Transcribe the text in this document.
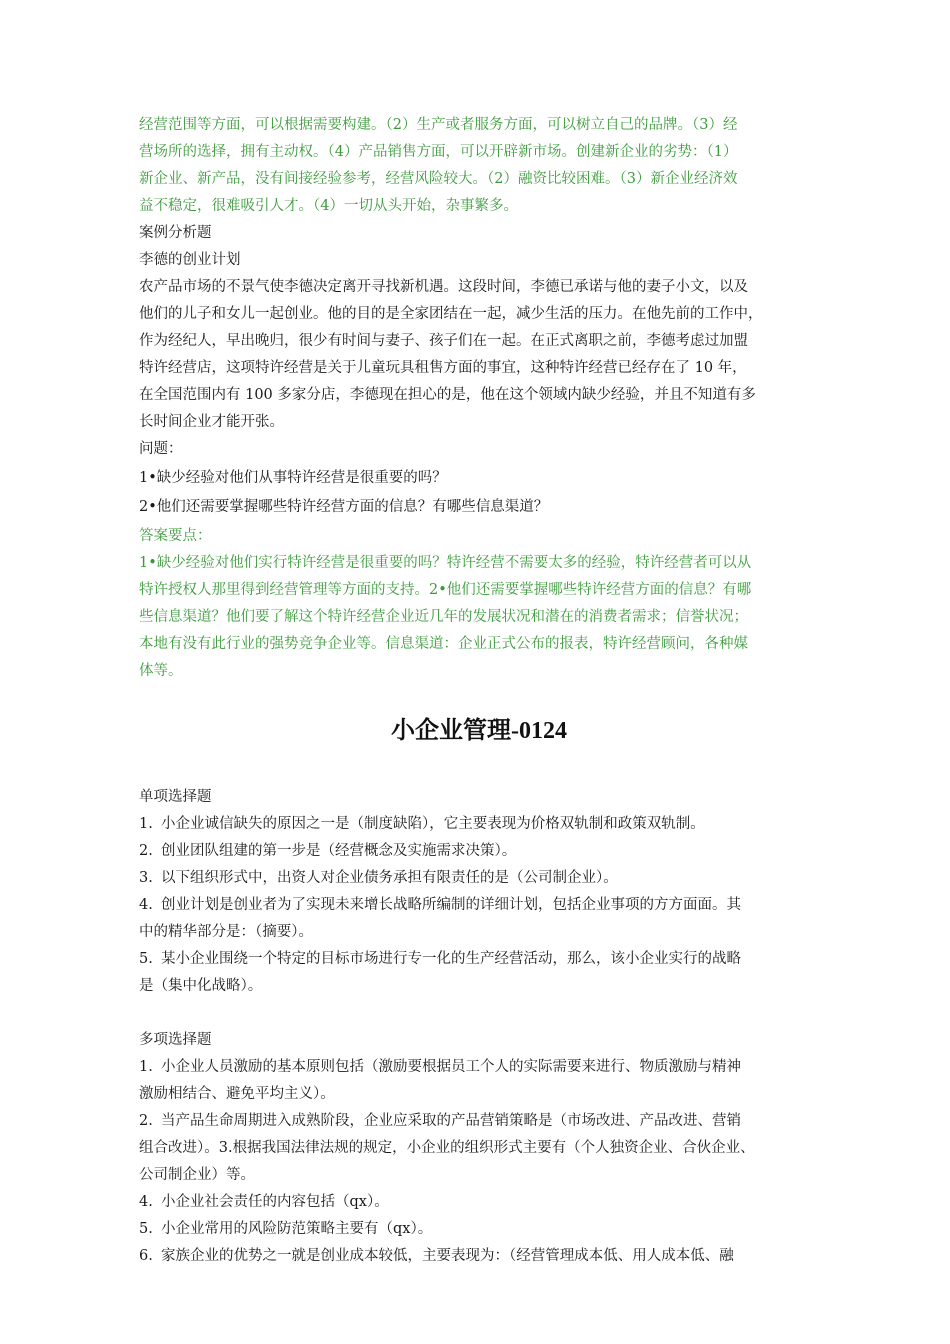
经营范围等方面，可以根据需要构建。（2）生产或者服务方面，可以树立自己的品牌。（3）经

营场所的选择，拥有主动权。（4）产品销售方面，可以开辟新市场。创建新企业的劣势：（1）

新企业、新产品，没有间接经验参考，经营风险较大。（2）融资比较困难。（3）新企业经济效

益不稳定，很难吸引人才。（4）一切从头开始，杂事繁多。

案例分析题

李德的创业计划

农产品市场的不景气使李德决定离开寻找新机遇。这段时间，李德已承诺与他的妻子小文，以及

他们的儿子和女儿一起创业。他的目的是全家团结在一起，减少生活的压力。在他先前的工作中，

作为经纪人，早出晚归，很少有时间与妻子、孩子们在一起。在正式离职之前，李德考虑过加盟

特许经营店，这项特许经营是关于儿童玩具租售方面的事宜，这种特许经营已经存在了 10 年，

在全国范围内有 100 多家分店，李德现在担心的是，他在这个领域内缺少经验，并且不知道有多

长时间企业才能开张。

问题：

1•缺少经验对他们从事特许经营是很重要的吗？

2•他们还需要掌握哪些特许经营方面的信息？有哪些信息渠道？

答案要点：

1•缺少经验对他们实行特许经营是很重要的吗？特许经营不需要太多的经验，特许经营者可以从

特许授权人那里得到经营管理等方面的支持。2•他们还需要掌握哪些特许经营方面的信息？有哪

些信息渠道？他们要了解这个特许经营企业近几年的发展状况和潜在的消费者需求；信誉状况；

本地有没有此行业的强势竞争企业等。信息渠道：企业正式公布的报表，特许经营顾问，各种媒

体等。

小企业管理-0124

单项选择题

1. 小企业诚信缺失的原因之一是（制度缺陷），它主要表现为价格双轨制和政策双轨制。

2. 创业团队组建的第一步是（经营概念及实施需求决策）。

3. 以下组织形式中，出资人对企业债务承担有限责任的是（公司制企业）。

4. 创业计划是创业者为了实现未来增长战略所编制的详细计划，包括企业事项的方方面面。其

中的精华部分是：（摘要）。

5. 某小企业围绕一个特定的目标市场进行专一化的生产经营活动，那么，该小企业实行的战略

是（集中化战略）。

多项选择题

1. 小企业人员激励的基本原则包括（激励要根据员工个人的实际需要来进行、物质激励与精神

激励相结合、避免平均主义）。

2. 当产品生命周期进入成熟阶段，企业应采取的产品营销策略是（市场改进、产品改进、营销

组合改进）。3.根据我国法律法规的规定，小企业的组织形式主要有（个人独资企业、合伙企业、

公司制企业）等。

4. 小企业社会责任的内容包括（qx）。

5. 小企业常用的风险防范策略主要有（qx）。

6. 家族企业的优势之一就是创业成本较低，主要表现为：（经营管理成本低、用人成本低、融
